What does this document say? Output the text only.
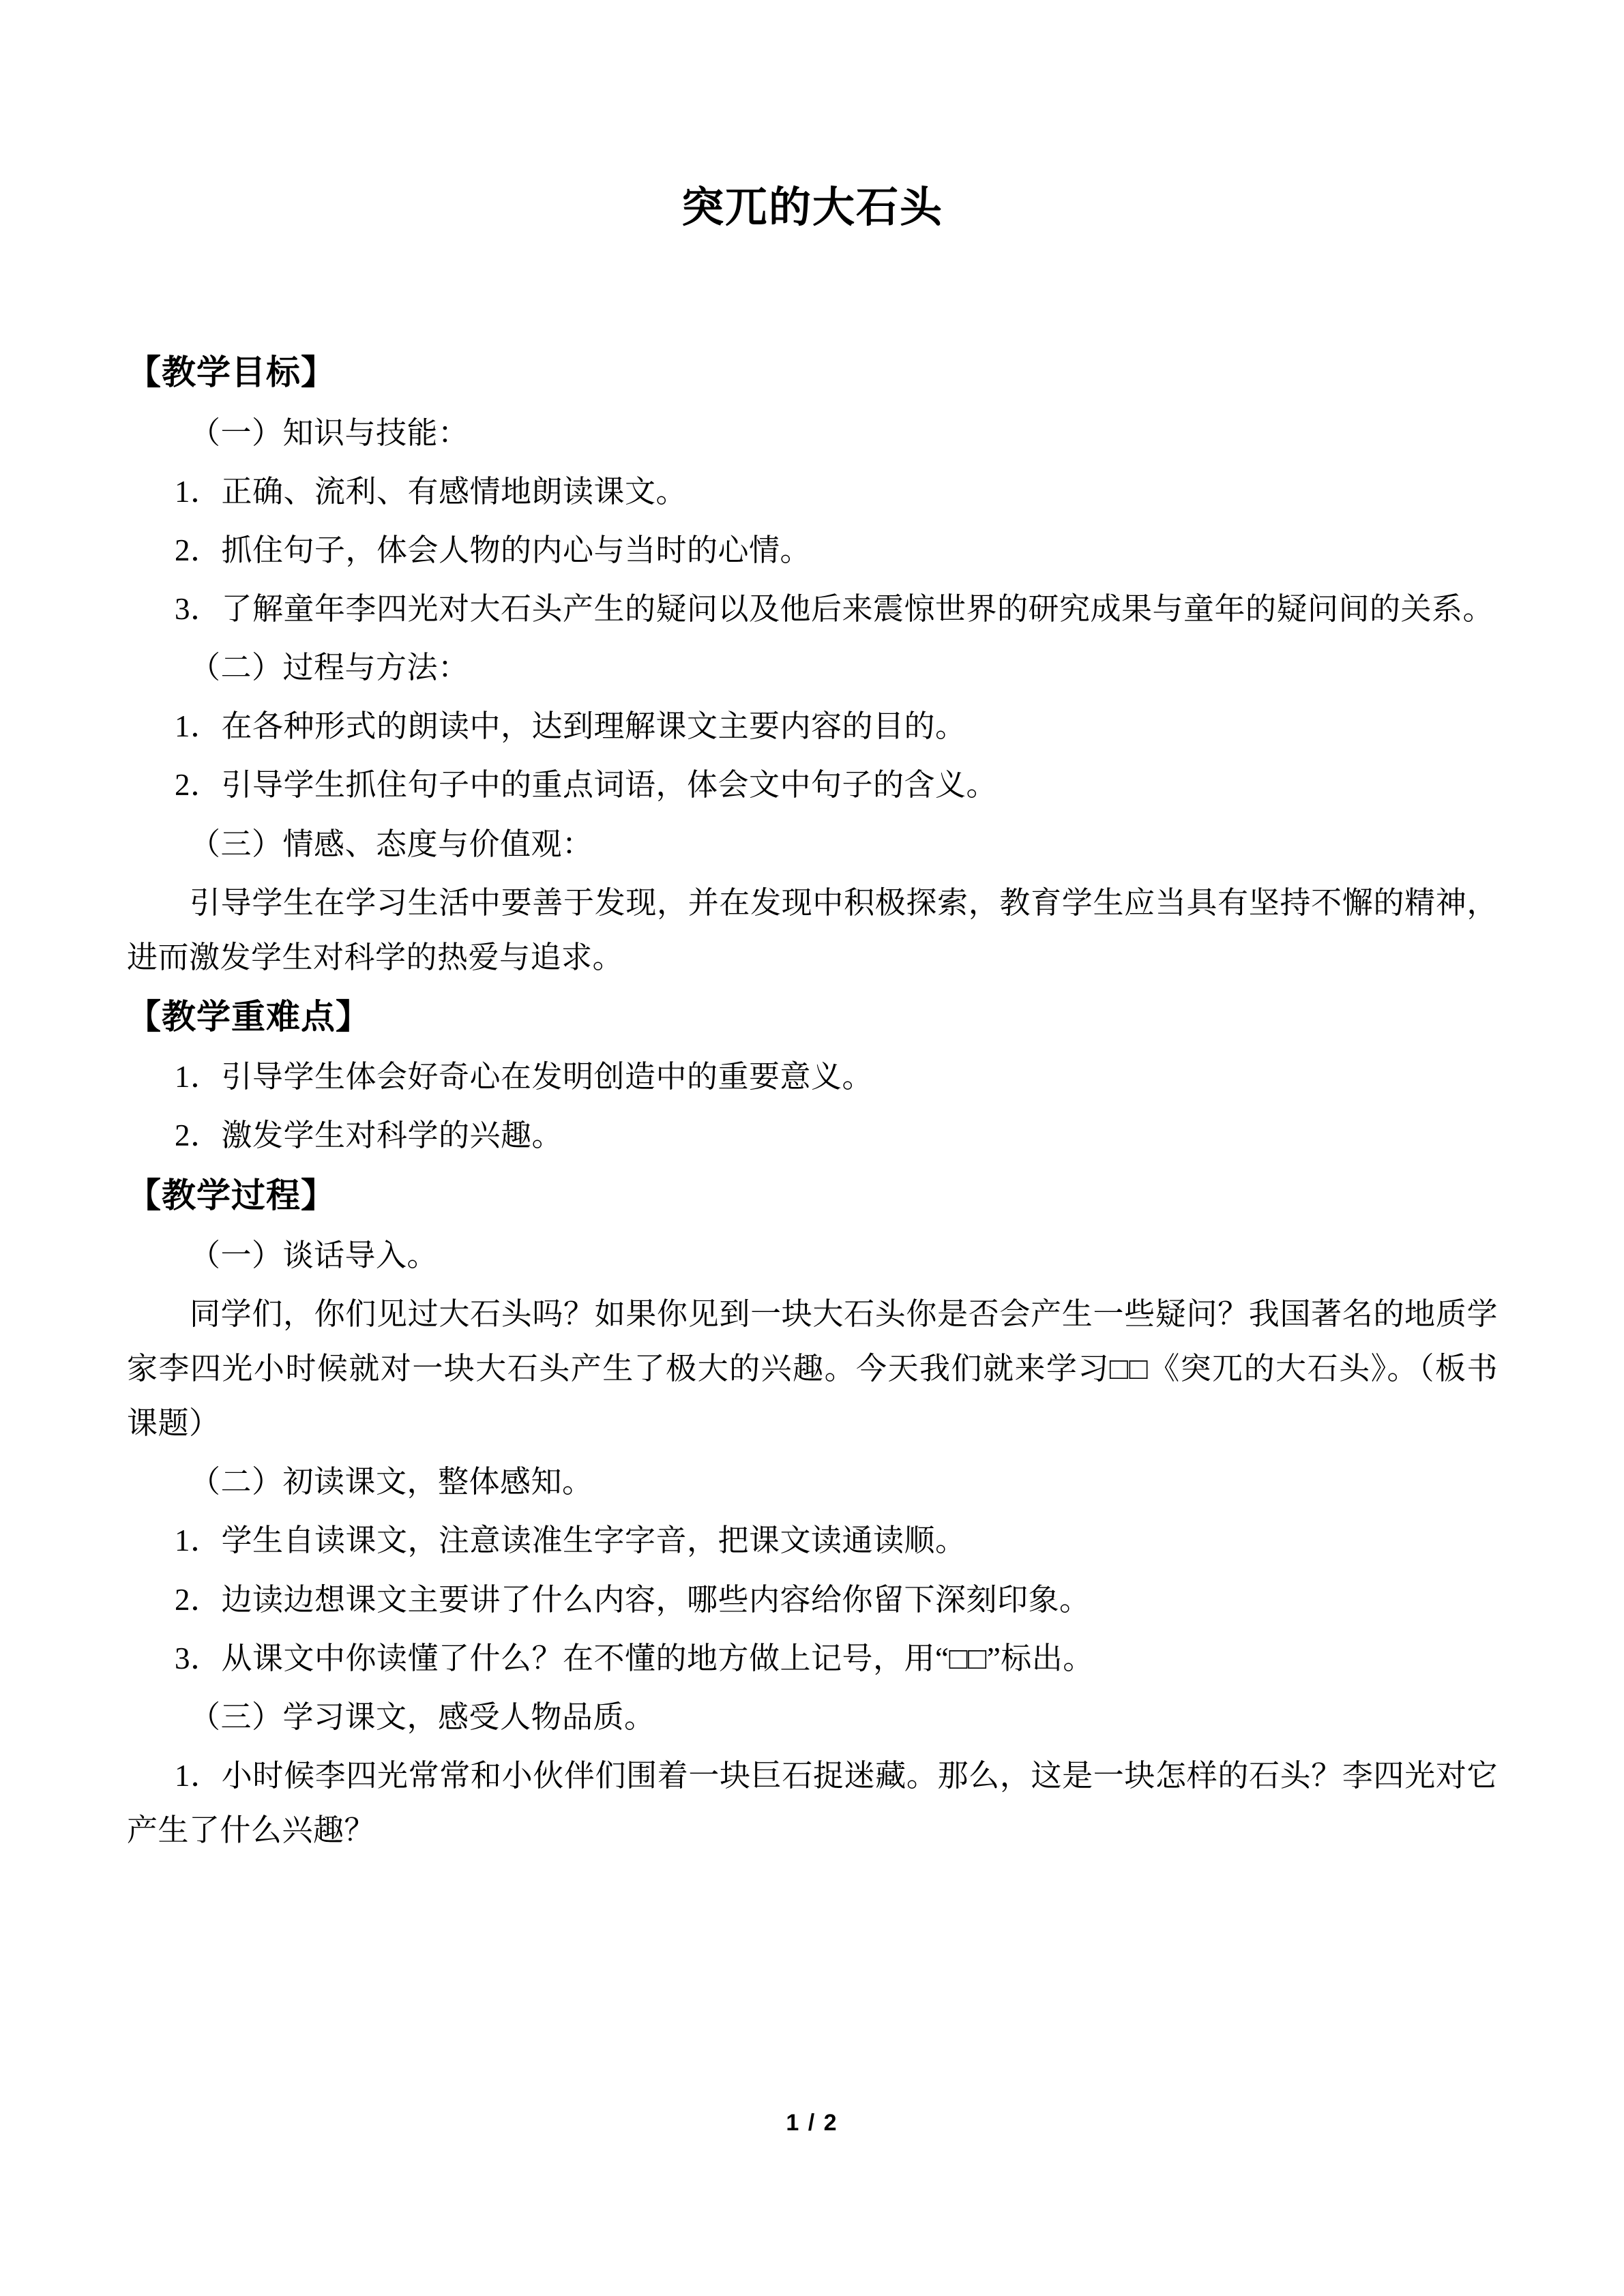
突兀的大石头
【教学目标】

（一）知识与技能：

1．正确、流利、有感情地朗读课文。

2．抓住句子，体会人物的内心与当时的心情。

3．了解童年李四光对大石头产生的疑问以及他后来震惊世界的研究成果与童年的疑问间的关系。

（二）过程与方法：

1．在各种形式的朗读中，达到理解课文主要内容的目的。

2．引导学生抓住句子中的重点词语，体会文中句子的含义。

（三）情感、态度与价值观：

引导学生在学习生活中要善于发现，并在发现中积极探索，教育学生应当具有坚持不懈的精神，进而激发学生对科学的热爱与追求。

【教学重难点】

1．引导学生体会好奇心在发明创造中的重要意义。

2．激发学生对科学的兴趣。

【教学过程】

（一）谈话导入。

同学们，你们见过大石头吗？如果你见到一块大石头你是否会产生一些疑问？我国著名的地质学家李四光小时候就对一块大石头产生了极大的兴趣。今天我们就来学习□□《突兀的大石头》。（板书课题）

（二）初读课文，整体感知。

1．学生自读课文，注意读准生字字音，把课文读通读顺。

2．边读边想课文主要讲了什么内容，哪些内容给你留下深刻印象。

3．从课文中你读懂了什么？在不懂的地方做上记号，用“□□”标出。

（三）学习课文，感受人物品质。

1．小时候李四光常常和小伙伴们围着一块巨石捉迷藏。那么，这是一块怎样的石头？李四光对它产生了什么兴趣？

1 / 2
